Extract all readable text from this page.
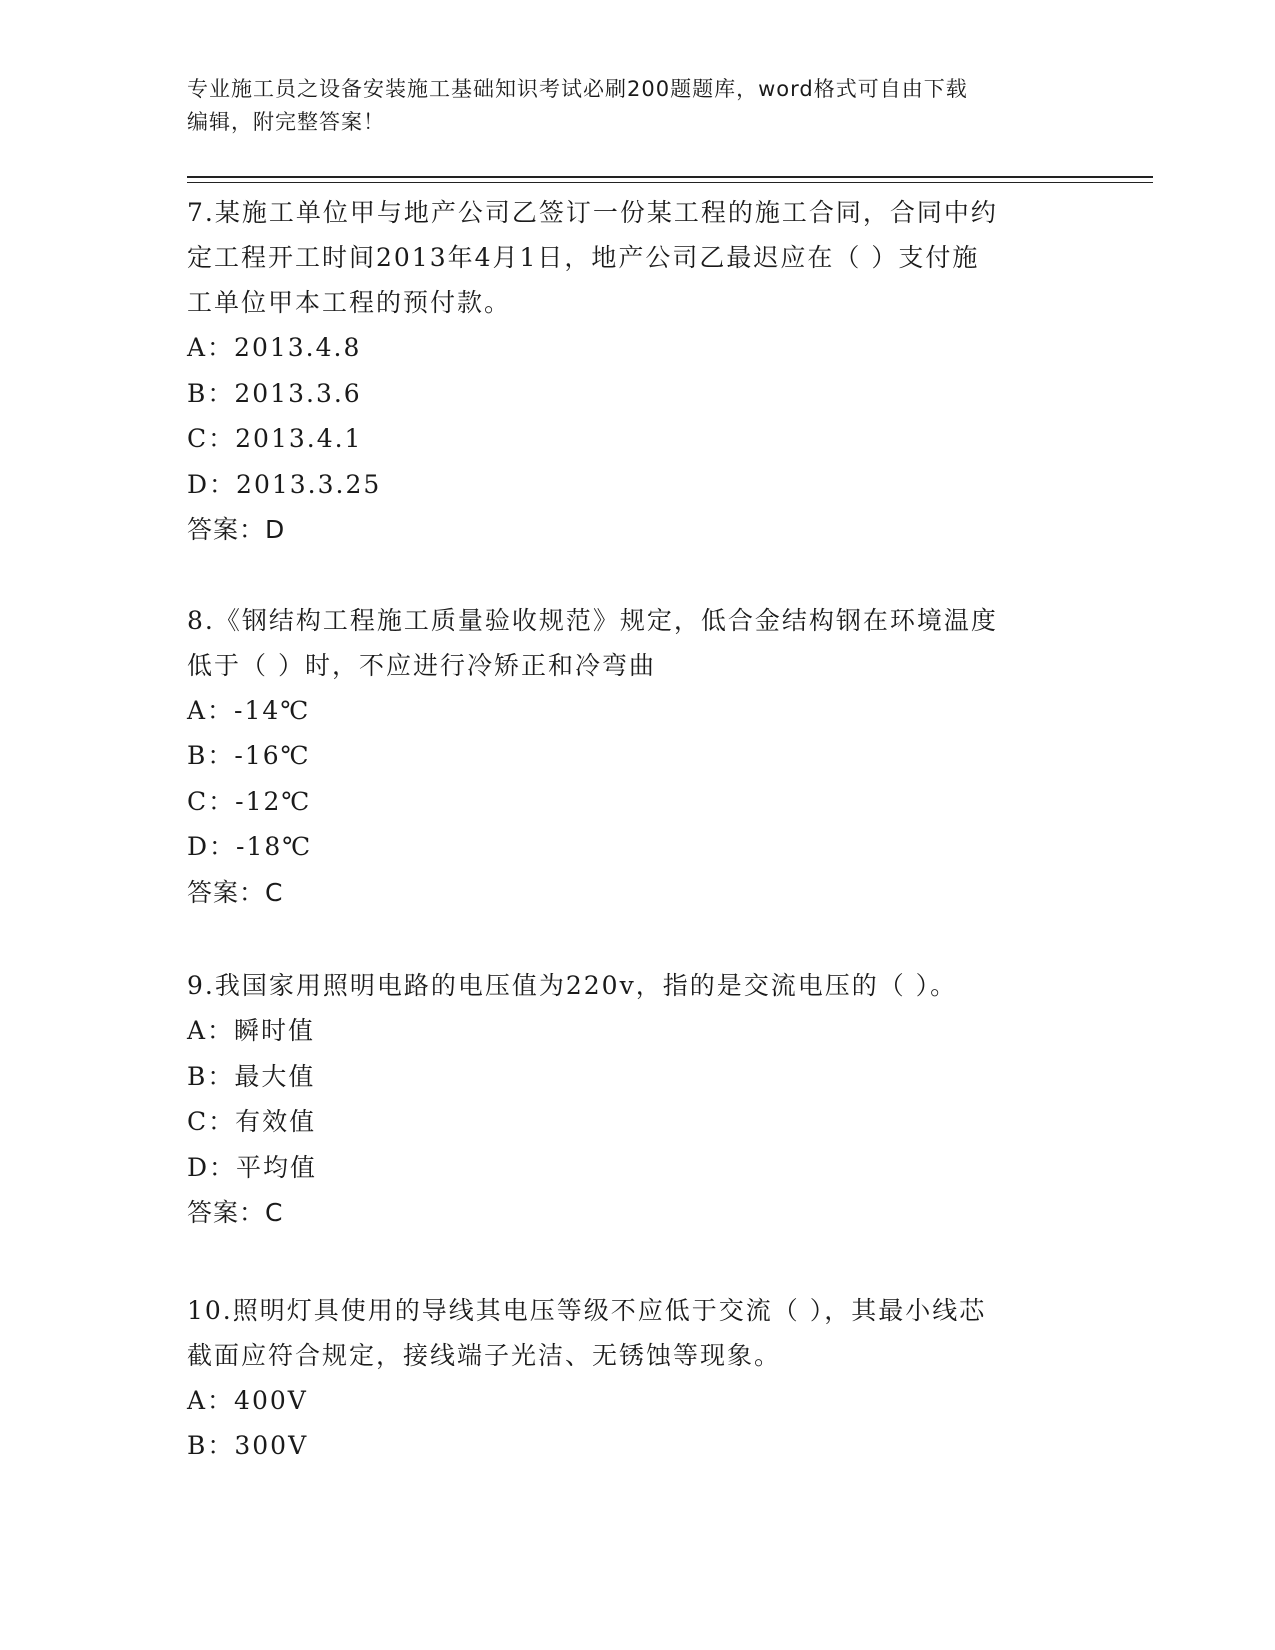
专业施工员之设备安装施工基础知识考试必刷200题题库，word格式可自由下载
编辑，附完整答案！
7.某施工单位甲与地产公司乙签订一份某工程的施工合同，合同中约
定工程开工时间2013年4月1日，地产公司乙最迟应在（ ）支付施
工单位甲本工程的预付款。
A：2013.4.8
B：2013.3.6
C：2013.4.1
D：2013.3.25
答案：D
8.《钢结构工程施工质量验收规范》规定，低合金结构钢在环境温度
低于（ ）时，不应进行冷矫正和冷弯曲
A：-14℃
B：-16℃
C：-12℃
D：-18℃
答案：C
9.我国家用照明电路的电压值为220v，指的是交流电压的（ ）。
A：瞬时值
B：最大值
C：有效值
D：平均值
答案：C
10.照明灯具使用的导线其电压等级不应低于交流（ ），其最小线芯
截面应符合规定，接线端子光洁、无锈蚀等现象。
A：400V
B：300V
